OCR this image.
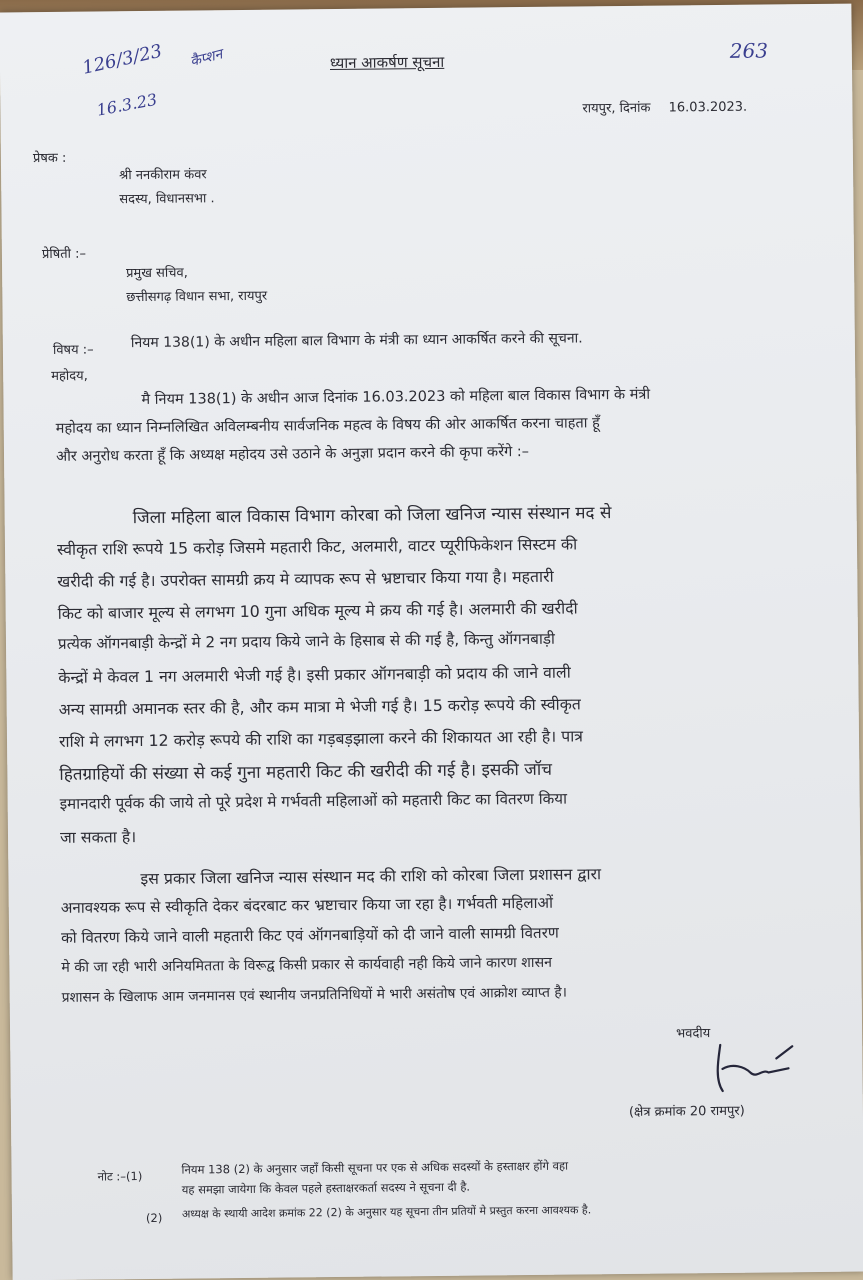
126/3/23 कैप्शन
16.3.23
ध्यान आकर्षण सूचना	263
रायपुर, दिनांक 16.03.2023.
प्रेषक :
श्री ननकीराम कंवर
सदस्य, विधानसभा .
प्रेषिती :–
प्रमुख सचिव,
छत्तीसगढ़ विधान सभा, रायपुर
विषय :–	नियम 138(1) के अधीन महिला बाल विभाग के मंत्री का ध्यान आकर्षित करने की सूचना.
महोदय,
मै नियम 138(1) के अधीन आज दिनांक 16.03.2023 को महिला बाल विकास विभाग के मंत्री
महोदय का ध्यान निम्नलिखित अविलम्बनीय सार्वजनिक महत्व के विषय की ओर आकर्षित करना चाहता हूँ
और अनुरोध करता हूँ कि अध्यक्ष महोदय उसे उठाने के अनुज्ञा प्रदान करने की कृपा करेंगे :–
जिला महिला बाल विकास विभाग कोरबा को जिला खनिज न्यास संस्थान मद से
स्वीकृत राशि रूपये 15 करोड़ जिसमे महतारी किट, अलमारी, वाटर प्यूरीफिकेशन सिस्टम की
खरीदी की गई है। उपरोक्त सामग्री क्रय मे व्यापक रूप से भ्रष्टाचार किया गया है। महतारी
किट को बाजार मूल्य से लगभग 10 गुना अधिक मूल्य मे क्रय की गई है। अलमारी की खरीदी
प्रत्येक ऑगनबाड़ी केन्द्रों मे 2 नग प्रदाय किये जाने के हिसाब से की गई है, किन्तु ऑगनबाड़ी
केन्द्रों मे केवल 1 नग अलमारी भेजी गई है। इसी प्रकार ऑगनबाड़ी को प्रदाय की जाने वाली
अन्य सामग्री अमानक स्तर की है, और कम मात्रा मे भेजी गई है। 15 करोड़ रूपये की स्वीकृत
राशि मे लगभग 12 करोड़ रूपये की राशि का गड़बड़झाला करने की शिकायत आ रही है। पात्र
हितग्राहियों की संख्या से कई गुना महतारी किट की खरीदी की गई है। इसकी जॉच
इमानदारी पूर्वक की जाये तो पूरे प्रदेश मे गर्भवती महिलाओं को महतारी किट का वितरण किया
जा सकता है।
इस प्रकार जिला खनिज न्यास संस्थान मद की राशि को कोरबा जिला प्रशासन द्वारा
अनावश्यक रूप से स्वीकृति देकर बंदरबाट कर भ्रष्टाचार किया जा रहा है। गर्भवती महिलाओं
को वितरण किये जाने वाली महतारी किट एवं ऑगनबाड़ियों को दी जाने वाली सामग्री वितरण
मे की जा रही भारी अनियमितता के विरूद्व किसी प्रकार से कार्यवाही नही किये जाने कारण शासन
प्रशासन के खिलाफ आम जनमानस एवं स्थानीय जनप्रतिनिधियों मे भारी असंतोष एवं आक्रोश व्याप्त है।
भवदीय
(क्षेत्र क्रमांक 20 रामपुर)
नोट :–(1)	नियम 138 (2) के अनुसार जहॉं किसी सूचना पर एक से अधिक सदस्यों के हस्ताक्षर होंगे वहा
यह समझा जायेगा कि केवल पहले हस्ताक्षरकर्ता सदस्य ने सूचना दी है.
(2) अध्यक्ष के स्थायी आदेश क्रमांक 22 (2) के अनुसार यह सूचना तीन प्रतियों मे प्रस्तुत करना आवश्यक है.
